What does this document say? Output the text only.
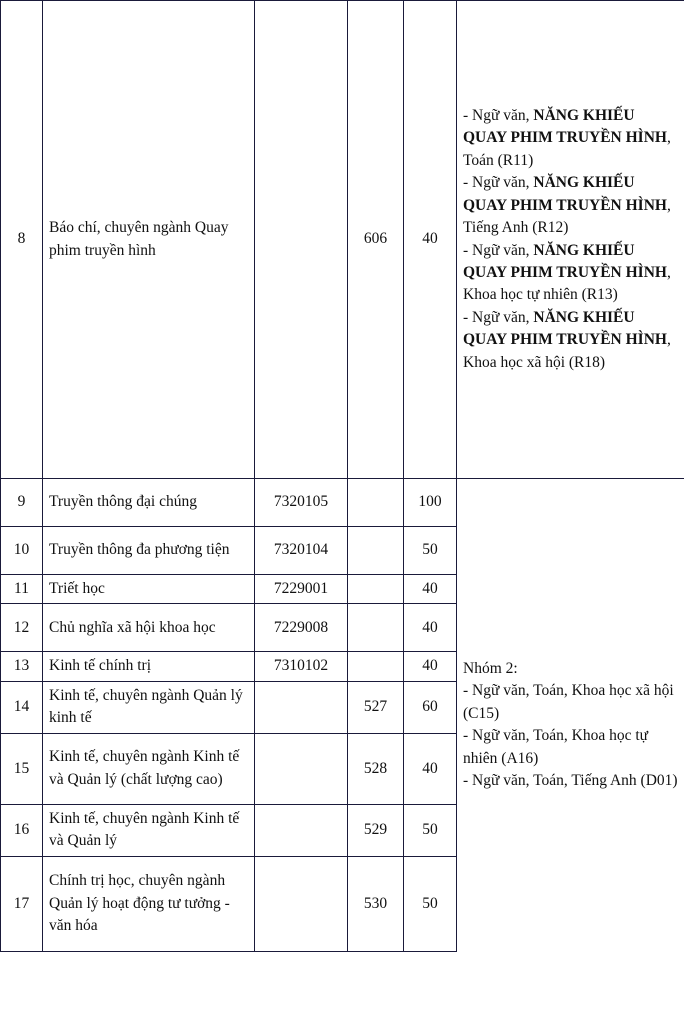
8	Báo chí, chuyên ngành Quay phim truyền hình		606	40	- Ngữ văn, NĂNG KHIẾU QUAY PHIM TRUYỀN HÌNH, Toán (R11)
- Ngữ văn, NĂNG KHIẾU QUAY PHIM TRUYỀN HÌNH, Tiếng Anh (R12)
- Ngữ văn, NĂNG KHIẾU QUAY PHIM TRUYỀN HÌNH, Khoa học tự nhiên (R13)
- Ngữ văn, NĂNG KHIẾU QUAY PHIM TRUYỀN HÌNH, Khoa học xã hội (R18)

9	Truyền thông đại chúng	7320105		100	
10	Truyền thông đa phương tiện	7320104		50	
11	Triết học	7229001		40	
12	Chủ nghĩa xã hội khoa học	7229008		40	
13	Kinh tế chính trị	7310102		40	Nhóm 2:
- Ngữ văn, Toán, Khoa học xã hội (C15)
- Ngữ văn, Toán, Khoa học tự nhiên (A16)
- Ngữ văn, Toán, Tiếng Anh (D01)

14	Kinh tế, chuyên ngành Quản lý kinh tế		527	60	
15	Kinh tế, chuyên ngành Kinh tế và Quản lý (chất lượng cao)		528	40	
16	Kinh tế, chuyên ngành Kinh tế và Quản lý		529	50	
17	Chính trị học, chuyên ngành Quản lý hoạt động tư tưởng - văn hóa		530	50	
